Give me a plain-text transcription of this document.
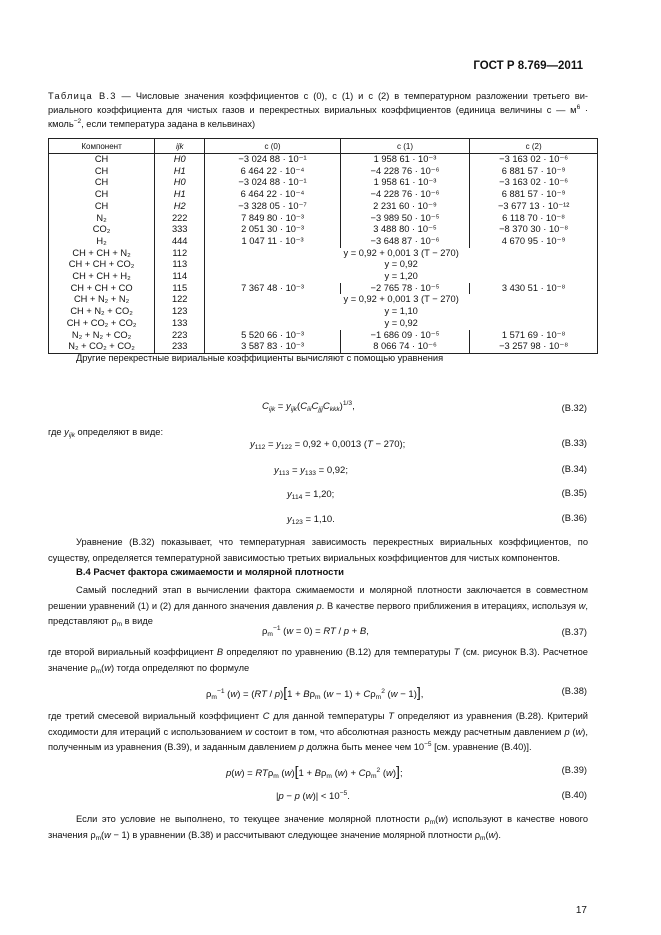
ГОСТ Р 8.769—2011
Таблица В.3 — Числовые значения коэффициентов c (0), c (1) и c (2) в температурном разложении третьего ви- риального коэффициента для чистых газов и перекрестных вириальных коэффициентов (единица величины c — $м^6$ · кмоль$^{-2}$, если температура задана в кельвинах)
Компонент	ijk	c (0)	c (1)	c (2)
CH	H0	−3 024 88 · 10⁻¹	1 958 61 · 10⁻³	−3 163 02 · 10⁻⁶
CH	H1	6 464 22 · 10⁻⁴	−4 228 76 · 10⁻⁶	6 881 57 · 10⁻⁹
CH	H0	−3 024 88 · 10⁻¹	1 958 61 · 10⁻³	−3 163 02 · 10⁻⁶
CH	H1	6 464 22 · 10⁻⁴	−4 228 76 · 10⁻⁶	6 881 57 · 10⁻⁹
CH	H2	−3 328 05 · 10⁻⁷	2 231 60 · 10⁻⁹	−3 677 13 · 10⁻¹²
N₂	222	7 849 80 · 10⁻³	−3 989 50 · 10⁻⁵	6 118 70 · 10⁻⁸
CO₂	333	2 051 30 · 10⁻³	3 488 80 · 10⁻⁵	−8 370 30 · 10⁻⁸
H₂	444	1 047 11 · 10⁻³	−3 648 87 · 10⁻⁶	4 670 95 · 10⁻⁹
CH + CH + N₂	112	y = 0,92 + 0,001 3 (T − 270)		
CH + CH + CO₂	113	y = 0,92		
CH + CH + H₂	114	y = 1,20		
CH + CH + CO	115	7 367 48 · 10⁻³	−2 765 78 · 10⁻⁵	3 430 51 · 10⁻⁸
CH + N₂ + N₂	122	y = 0,92 + 0,001 3 (T − 270)		
CH + N₂ + CO₂	123	y = 1,10		
CH + CO₂ + CO₂	133	y = 0,92		
N₂ + N₂ + CO₂	223	5 520 66 · 10⁻³	−1 686 09 · 10⁻⁵	1 571 69 · 10⁻⁸
N₂ + CO₂ + CO₂	233	3 587 83 · 10⁻³	8 066 74 · 10⁻⁶	−3 257 98 · 10⁻⁸
Другие перекрестные вириальные коэффициенты вычисляют с помощью уравнения
$C_{ijk} = y_{ijk}(C_{iii}C_{jjj}C_{kkk})^{1/3}$,	(B.32)
где $y_{ijk}$ определяют в виде:
$y_{112} = y_{122} = 0,92 + 0,0013$ (T − 270);	(B.33)
$y_{113} = y_{133} = 0,92$;	(B.34)
$y_{114} = 1,20$;	(B.35)
$y_{123} = 1,10$.	(B.36)
Уравнение (B.32) показывает, что температурная зависимость перекрестных вириальных коэффициентов, по существу, определяется температурной зависимостью третьих вириальных коэффициентов для чистых компонентов.
B.4 Расчет фактора сжимаемости и молярной плотности
Самый последний этап в вычислении фактора сжимаемости и молярной плотности заключается в совместном решении уравнений (1) и (2) для данного значения давления p. В качестве первого приближения в итерациях, используя w, представляют $\rho_m$ в виде
$\rho_m^{-1}$ (w = 0) = RT / p + B,	(B.37)
где второй вириальный коэффициент B определяют по уравнению (B.12) для температуры T (см. рисунок B.3). Расчетное значение $\rho_m(w)$ тогда определяют по формуле
$\rho_m^{-1}$ $(w) = (RT / p)[1 + B\rho_m$ $(w - 1) + C\rho_m^2$ (w − 1)],	(B.38)
где третий смесевой вириальный коэффициент C для данной температуры T определяют из уравнения (B.28). Критерий сходимости для итераций с использованием w состоит в том, что абсолютная разность между расчетным давлением p (w), полученным из уравнения (B.39), и заданным давлением p должна быть менее чем $10^{-5}$ [см. уравнение (B.40)].
p(w) = RTρ$_m$ $(w)[1 + B\rho_m$ $(w) + C\rho_m^2$ (w)];	(B.39)
|p − p $(w)| < 10^{-5}$.	(B.40)
Если это условие не выполнено, то текущее значение молярной плотности $\rho_m(w)$ используют в качестве нового значения $\rho_m(w - 1)$ в уравнении (B.38) и рассчитывают следующее значение молярной плотности $\rho_m(w)$.
17
